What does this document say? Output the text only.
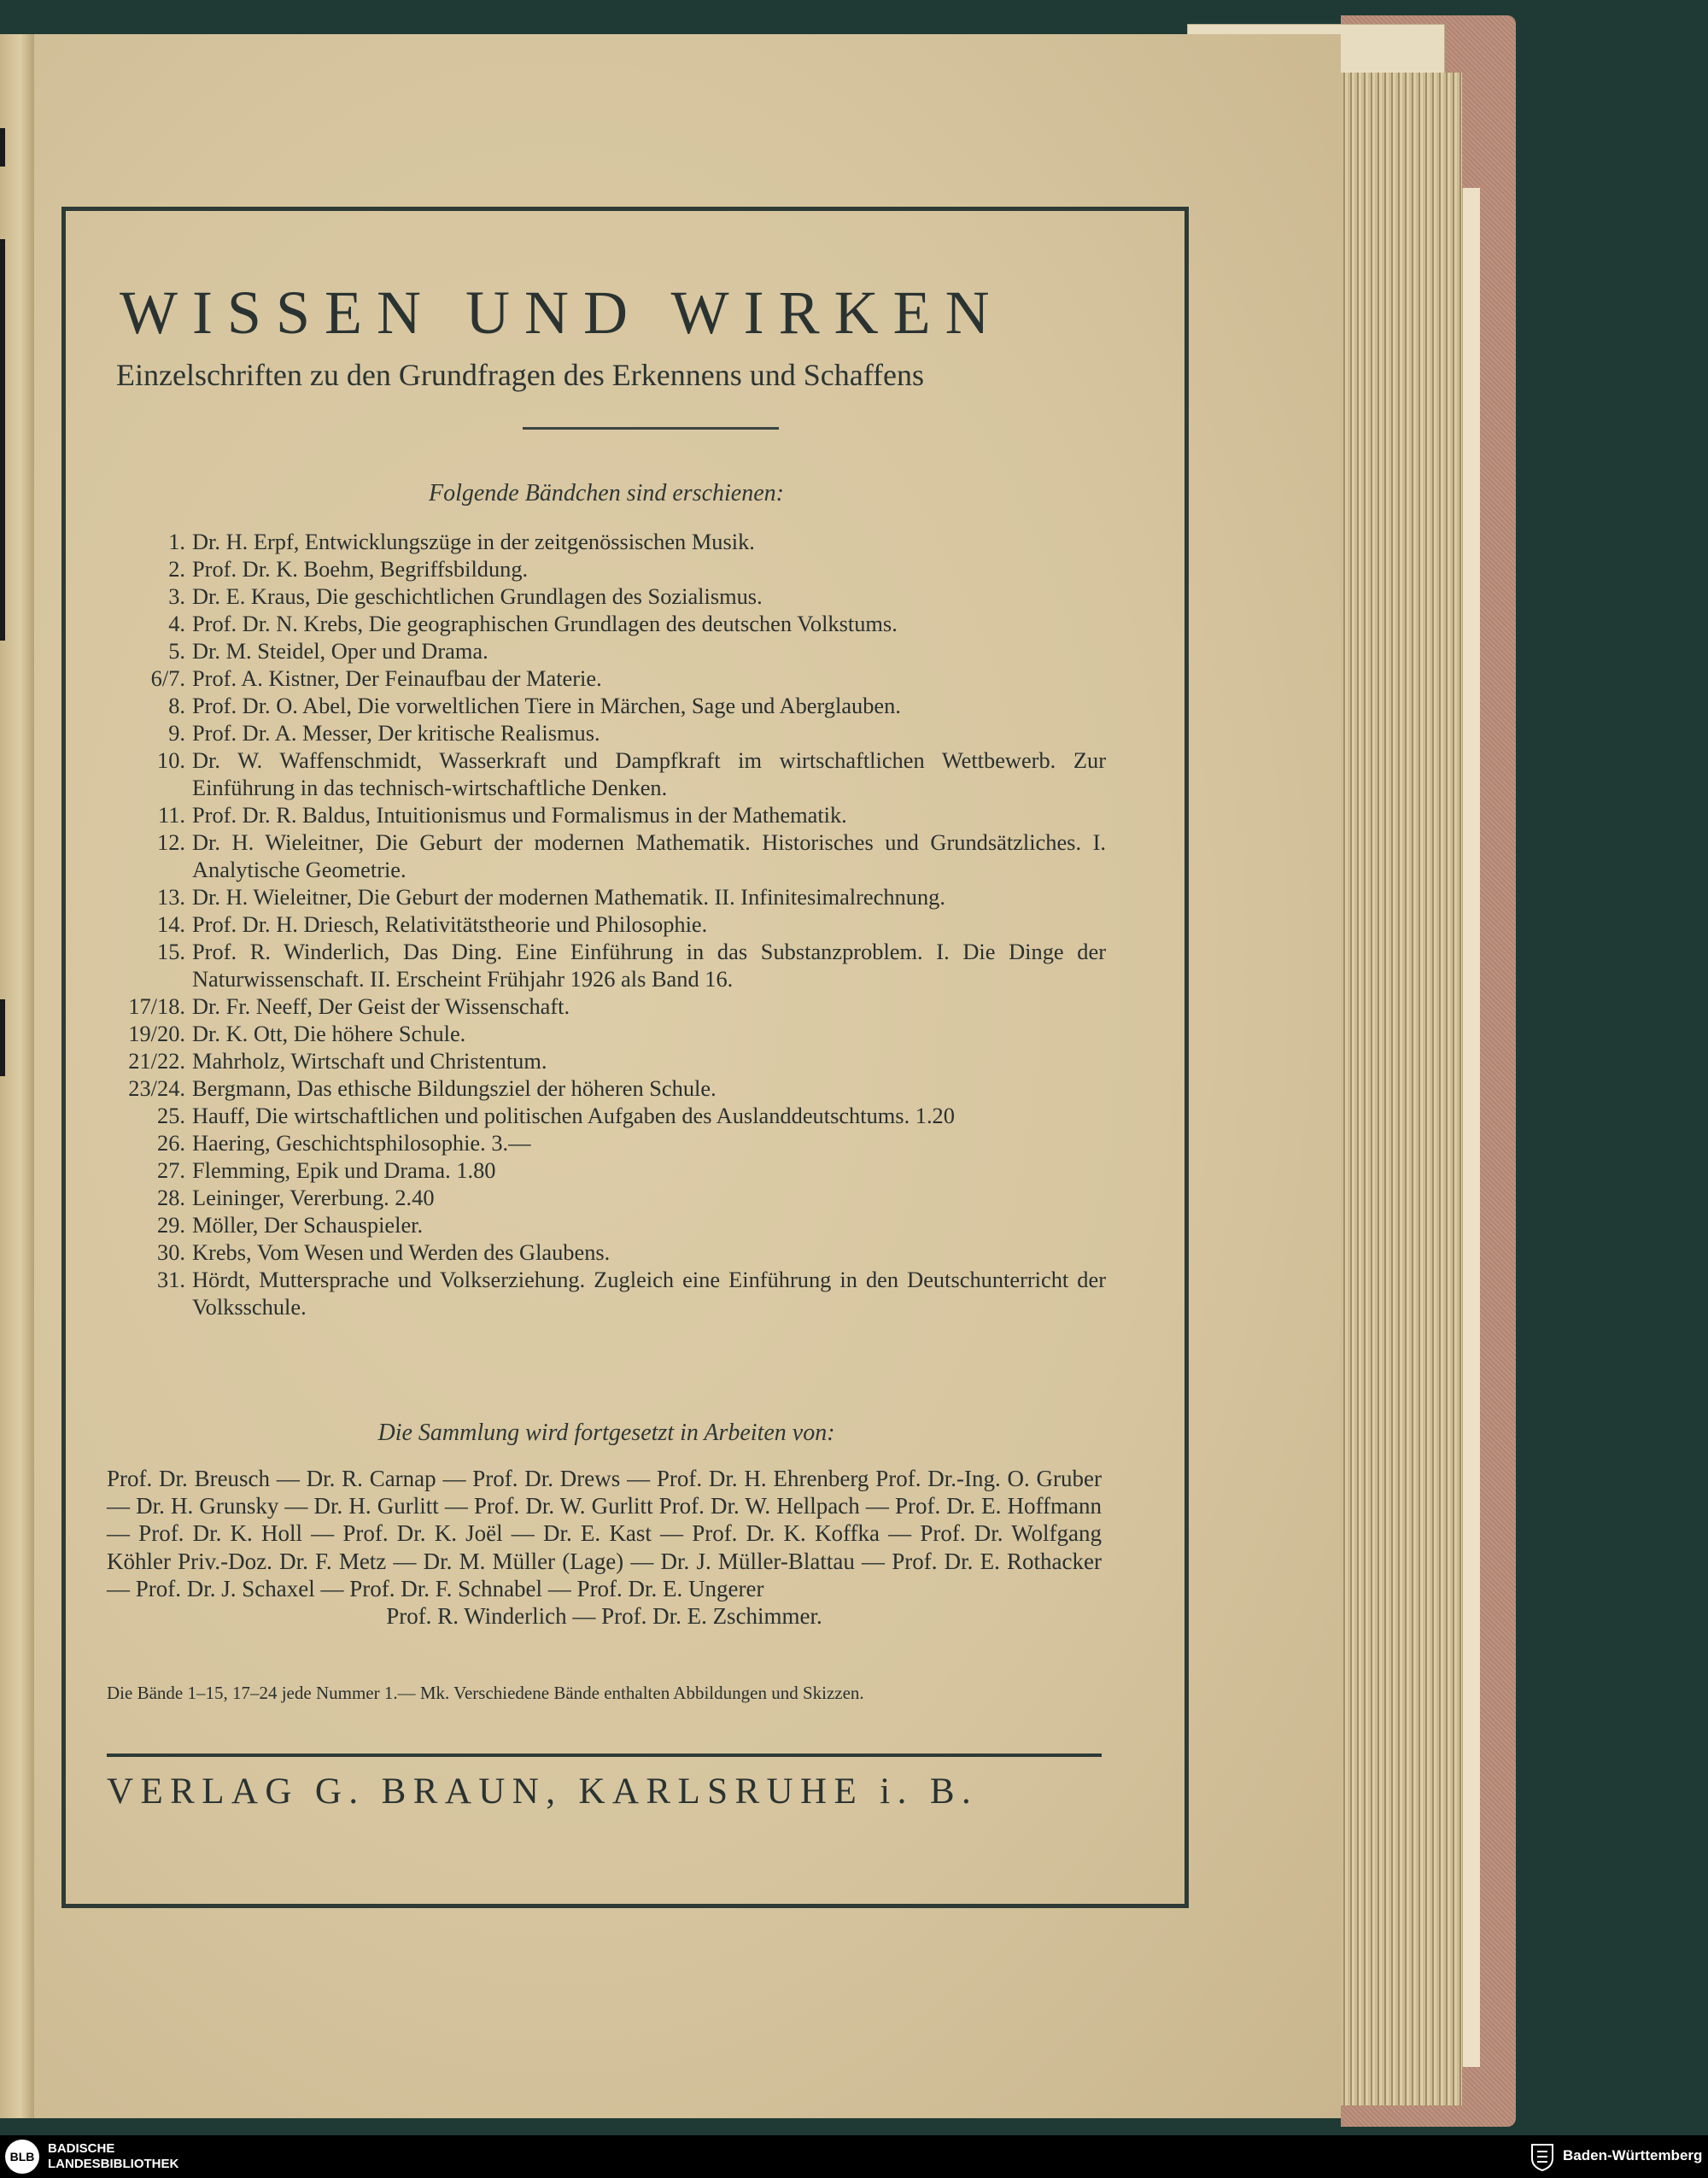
WISSEN UND WIRKEN
Einzelschriften zu den Grundfragen des Erkennens und Schaffens
Folgende Bändchen sind erschienen:
1. Dr. H. Erpf, Entwicklungszüge in der zeitgenössischen Musik.
2. Prof. Dr. K. Boehm, Begriffsbildung.
3. Dr. E. Kraus, Die geschichtlichen Grundlagen des Sozialismus.
4. Prof. Dr. N. Krebs, Die geographischen Grundlagen des deutschen Volkstums.
5. Dr. M. Steidel, Oper und Drama.
6/7. Prof. A. Kistner, Der Feinaufbau der Materie.
8. Prof. Dr. O. Abel, Die vorweltlichen Tiere in Märchen, Sage und Aberglauben.
9. Prof. Dr. A. Messer, Der kritische Realismus.
10. Dr. W. Waffenschmidt, Wasserkraft und Dampfkraft im wirtschaftlichen Wettbewerb. Zur Einführung in das technisch-wirtschaftliche Denken.
11. Prof. Dr. R. Baldus, Intuitionismus und Formalismus in der Mathematik.
12. Dr. H. Wieleitner, Die Geburt der modernen Mathematik. Historisches und Grundsätzliches. I. Analytische Geometrie.
13. Dr. H. Wieleitner, Die Geburt der modernen Mathematik. II. Infinitesimalrechnung.
14. Prof. Dr. H. Driesch, Relativitätstheorie und Philosophie.
15. Prof. R. Winderlich, Das Ding. Eine Einführung in das Substanzproblem. I. Die Dinge der Naturwissenschaft. II. Erscheint Frühjahr 1926 als Band 16.
17/18. Dr. Fr. Neeff, Der Geist der Wissenschaft.
19/20. Dr. K. Ott, Die höhere Schule.
21/22. Mahrholz, Wirtschaft und Christentum.
23/24. Bergmann, Das ethische Bildungsziel der höheren Schule.
25. Hauff, Die wirtschaftlichen und politischen Aufgaben des Auslanddeutschtums. 1.20
26. Haering, Geschichtsphilosophie. 3.—
27. Flemming, Epik und Drama. 1.80
28. Leininger, Vererbung. 2.40
29. Möller, Der Schauspieler.
30. Krebs, Vom Wesen und Werden des Glaubens.
31. Hördt, Muttersprache und Volkserziehung. Zugleich eine Einführung in den Deutschunterricht der Volksschule.
Die Sammlung wird fortgesetzt in Arbeiten von:
Prof. Dr. Breusch — Dr. R. Carnap — Prof. Dr. Drews — Prof. Dr. H. Ehrenberg Prof. Dr.-Ing. O. Gruber — Dr. H. Grunsky — Dr. H. Gurlitt — Prof. Dr. W. Gurlitt Prof. Dr. W. Hellpach — Prof. Dr. E. Hoffmann — Prof. Dr. K. Holl — Prof. Dr. K. Joël — Dr. E. Kast — Prof. Dr. K. Koffka — Prof. Dr. Wolfgang Köhler Priv.-Doz. Dr. F. Metz — Dr. M. Müller (Lage) — Dr. J. Müller-Blattau — Prof. Dr. E. Rothacker — Prof. Dr. J. Schaxel — Prof. Dr. F. Schnabel — Prof. Dr. E. Ungerer
Prof. R. Winderlich — Prof. Dr. E. Zschimmer.
Die Bände 1–15, 17–24 jede Nummer 1.— Mk. Verschiedene Bände enthalten Abbildungen und Skizzen.
VERLAG G. BRAUN, KARLSRUHE i. B.
BLB
BADISCHE
LANDESBIBLIOTHEK
Baden-Württemberg
